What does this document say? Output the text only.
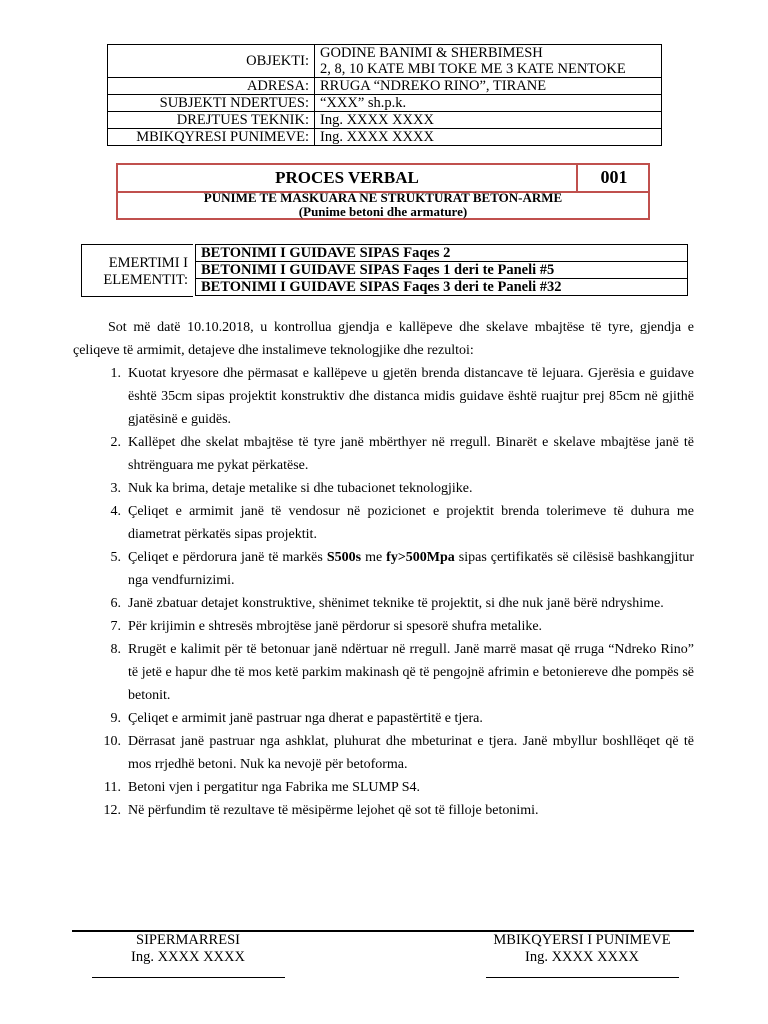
OBJEKTI:	GODINE BANIMI & SHERBIMESH
2, 8, 10 KATE MBI TOKE ME 3 KATE NENTOKE

ADRESA:	RRUGA “NDREKO RINO”, TIRANE
SUBJEKTI NDERTUES:	“XXX” sh.p.k.
DREJTUES TEKNIK:	Ing. XXXX XXXX
MBIKQYRESI PUNIMEVE:	Ing. XXXX XXXX
PROCES VERBAL	001
PUNIME TE MASKUARA NE STRUKTURAT BETON-ARME
(Punime betoni dhe armature)
EMERTIMI I
ELEMENTIT:
BETONIMI I GUIDAVE SIPAS Faqes 2
BETONIMI I GUIDAVE SIPAS Faqes 1 deri te Paneli #5
BETONIMI I GUIDAVE SIPAS Faqes 3 deri te Paneli #32

Sot më datë 10.10.2018, u kontrollua gjendja e kallëpeve dhe skelave mbajtëse të tyre, gjendja e çeliqeve të armimit, detajeve dhe instalimeve teknologjike dhe rezultoi:

1. Kuotat kryesore dhe përmasat e kallëpeve u gjetën brenda distancave të lejuara. Gjerësia e guidave është 35cm sipas projektit konstruktiv dhe distanca midis guidave është ruajtur prej 85cm në gjithë gjatësinë e guidës.
2. Kallëpet dhe skelat mbajtëse të tyre janë mbërthyer në rregull. Binarët e skelave mbajtëse janë të shtrënguara me pykat përkatëse.
3. Nuk ka brima, detaje metalike si dhe tubacionet teknologjike.
4. Çeliqet e armimit janë të vendosur në pozicionet e projektit brenda tolerimeve të duhura me diametrat përkatës sipas projektit.
5. Çeliqet e përdorura janë të markës S500s me fy>500Mpa sipas çertifikatës së cilësisë bashkangjitur nga vendfurnizimi.
6. Janë zbatuar detajet konstruktive, shënimet teknike të projektit, si dhe nuk janë bërë ndryshime.
7. Për krijimin e shtresës mbrojtëse janë përdorur si spesorë shufra metalike.
8. Rrugët e kalimit për të betonuar janë ndërtuar në rregull. Janë marrë masat që rruga “Ndreko Rino” të jetë e hapur dhe të mos ketë parkim makinash që të pengojnë afrimin e betoniereve dhe pompës së betonit.
9. Çeliqet e armimit janë pastruar nga dherat e papastërtitë e tjera.
10. Dërrasat janë pastruar nga ashklat, pluhurat dhe mbeturinat e tjera. Janë mbyllur boshllëqet që të mos rrjedhë betoni. Nuk ka nevojë për betoforma.
11. Betoni vjen i pergatitur nga Fabrika me SLUMP S4.
12. Në përfundim të rezultave të mësipërme lejohet që sot të filloje betonimi.
SIPERMARRESI
Ing. XXXX XXXX
MBIKQYERSI I PUNIMEVE
Ing. XXXX XXXX
